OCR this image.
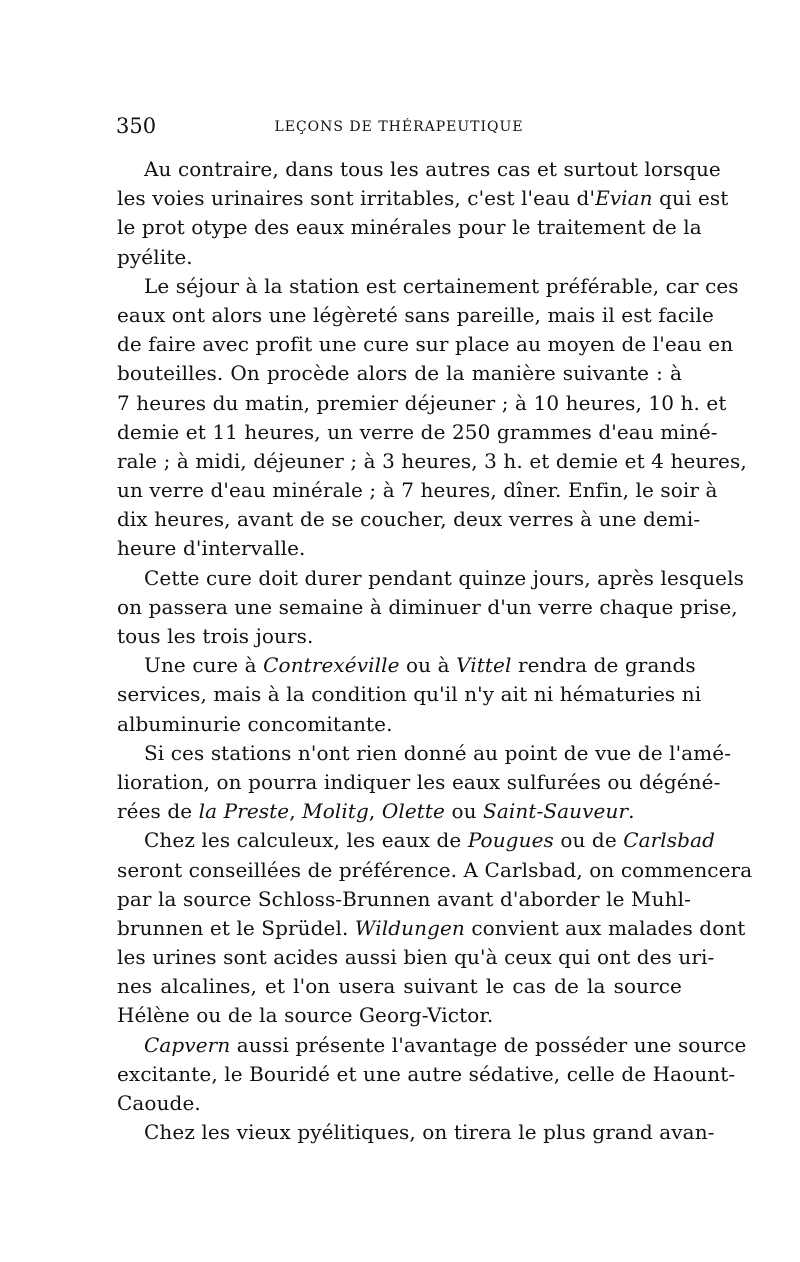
350	LEÇONS DE THÉRAPEUTIQUE
Au contraire, dans tous les autres cas et surtout lorsque
les voies urinaires sont irritables, c'est l'eau d'Evian qui est
le prot otype des eaux minérales pour le traitement de la
pyélite.
Le séjour à la station est certainement préférable, car ces
eaux ont alors une légèreté sans pareille, mais il est facile
de faire avec profit une cure sur place au moyen de l'eau en
bouteilles. On procède alors de la manière suivante : à
7 heures du matin, premier déjeuner ; à 10 heures, 10 h. et
demie et 11 heures, un verre de 250 grammes d'eau miné-
rale ; à midi, déjeuner ; à 3 heures, 3 h. et demie et 4 heures,
un verre d'eau minérale ; à 7 heures, dîner. Enfin, le soir à
dix heures, avant de se coucher, deux verres à une demi-
heure d'intervalle.
Cette cure doit durer pendant quinze jours, après lesquels
on passera une semaine à diminuer d'un verre chaque prise,
tous les trois jours.
Une cure à Contrexéville ou à Vittel rendra de grands
services, mais à la condition qu'il n'y ait ni hématuries ni
albuminurie concomitante.
Si ces stations n'ont rien donné au point de vue de l'amé-
lioration, on pourra indiquer les eaux sulfurées ou dégéné-
rées de la Preste, Molitg, Olette ou Saint-Sauveur.
Chez les calculeux, les eaux de Pougues ou de Carlsbad
seront conseillées de préférence. A Carlsbad, on commencera
par la source Schloss-Brunnen avant d'aborder le Muhl-
brunnen et le Sprüdel. Wildungen convient aux malades dont
les urines sont acides aussi bien qu'à ceux qui ont des uri-
nes alcalines, et l'on usera suivant le cas de la source
Hélène ou de la source Georg-Victor.
Capvern aussi présente l'avantage de posséder une source
excitante, le Bouridé et une autre sédative, celle de Haount-
Caoude.
Chez les vieux pyélitiques, on tirera le plus grand avan-
